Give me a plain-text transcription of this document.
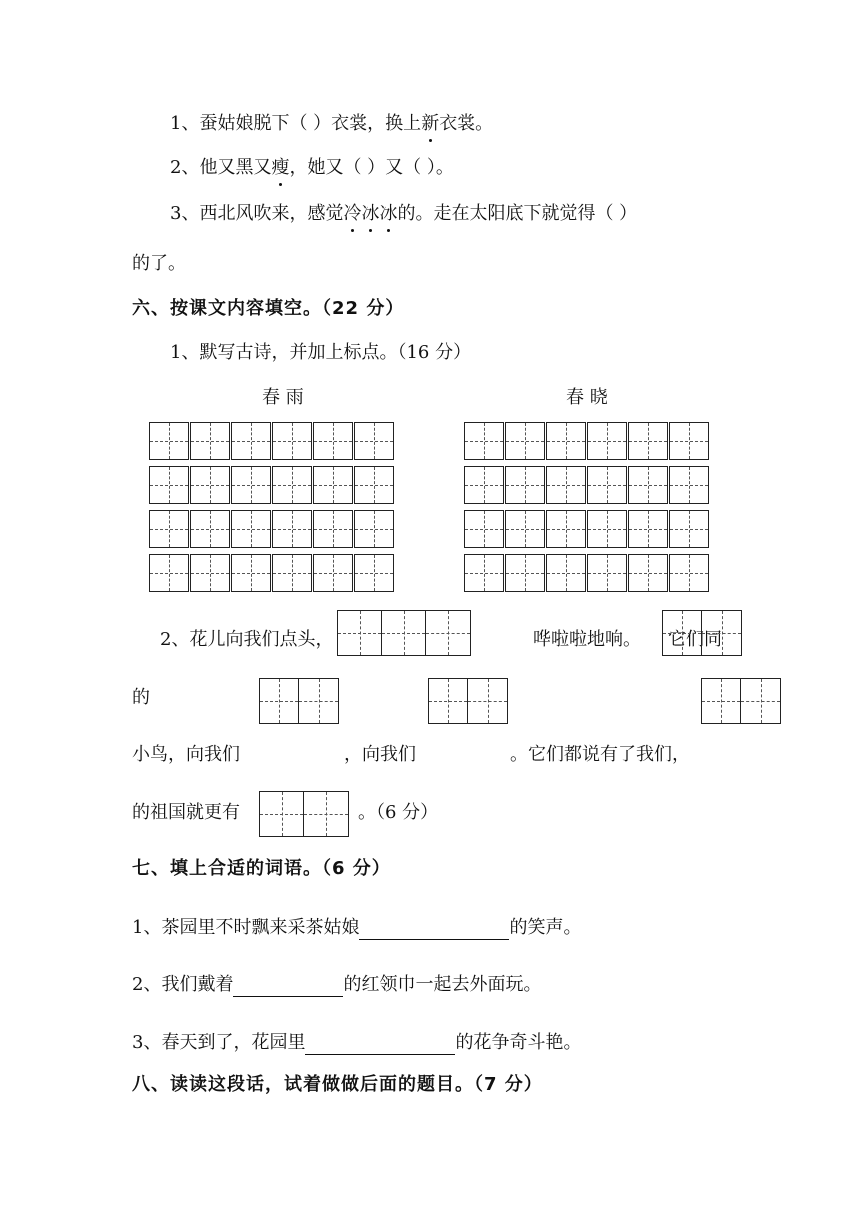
1、蚕姑娘脱下（ ）衣裳，换上新衣裳。
2、他又黑又瘦，她又（ ）又（ ）。
3、西北风吹来，感觉冷冰冰的。走在太阳底下就觉得（ ）
的了。
六、按课文内容填空。（22 分）
1、默写古诗，并加上标点。（16 分）
春 雨	春 晓
2、花儿向我们点头，	哗啦啦地响。 它们同
的
小鸟，向我们	，向我们	。它们都说有了我们，
的祖国就更有	。（6 分）
七、填上合适的词语。（6 分）
1、茶园里不时飘来采茶姑娘	的笑声。
2、我们戴着	的红领巾一起去外面玩。
3、春天到了，花园里	的花争奇斗艳。
八、读读这段话，试着做做后面的题目。（7 分）
